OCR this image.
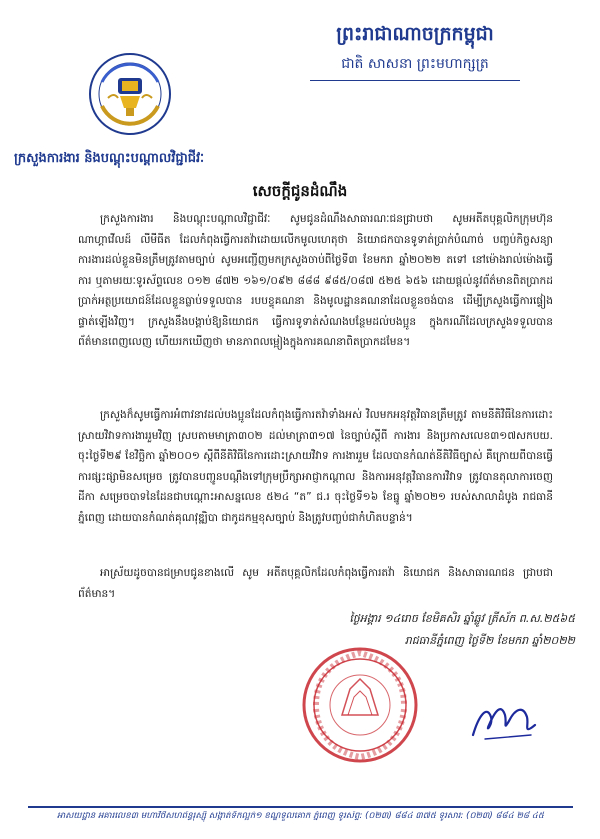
ព្រះរាជាណាចក្រកម្ពុជា
ជាតិ សាសនា ព្រះមហាក្សត្រ
ក្រសួងការងារ និងបណ្តុះបណ្តាលវិជ្ជាជីវៈ
សេចក្តីជូនដំណឹង
ក្រសួងការងារ និងបណ្តុះបណ្តាលវិជ្ជាជីវៈ សូមជូនដំណឹងសាធារណៈជនជ្រាបថា សូមអតីតបុគ្គលិកក្រុមហ៊ុន ណាហ្គាវើលដ៍ លីមីធីត ដែលកំពុងធ្វើការតវ៉ាដោយលើកមូលហេតុថា និយោជកបានទូទាត់ប្រាក់បំណាច់ បញ្ចប់កិច្ចសន្យាការងារដល់ខ្លួនមិនត្រឹមត្រូវតាមច្បាប់ សូមអញ្ជើញមកក្រសួងចាប់ពីថ្ងៃទី៣ ខែមករា ឆ្នាំ២០២២ តទៅ នៅម៉ោងរាល់ម៉ោងធ្វើការ ឬតាមរយៈទូរស័ព្ទលេខ ០១២ ៨៧២ ១៦១/០៩២ ៨៨៨ ៩៨៥/០៨៧ ៥២៥ ៦៥៦ ដោយផ្តល់នូវព័ត៌មានពិតប្រាកដ ប្រាក់អត្ថប្រយោជន៍ដែលខ្លួនធ្លាប់ទទួលបាន របបខ្ទុគណនា និងមូលដ្ឋានគណនាដែលខ្លួនចង់បាន ដើម្បីក្រសួងធ្វើការផ្ទៀងផ្ទាត់ឡើងវិញ។ ក្រសួងនឹងបង្គាប់ឱ្យនិយោជក ធ្វើការទូទាត់សំណងបន្ថែមដល់បងប្អូន ក្នុងករណីដែលក្រសួងទទួលបានព័ត៌មានពេញលេញ ហើយរកឃើញថា មានភាពលម្អៀងក្នុងការគណនាពិតប្រាកដមែន។
ក្រសួងក៏សូមធ្វើការអំពាវនាវដល់បងប្អូនដែលកំពុងធ្វើការតវ៉ាទាំងអស់ វិលមកអនុវត្តវិធានត្រឹមត្រូវ តាមនីតិវិធីនៃការដោះស្រាយវិវាទការងាររួមវិញ ស្របតាមមាត្រា៣០២ ដល់មាត្រា៣១៧ នៃច្បាប់ស្តីពី ការងារ និងប្រកាសលេខ៣១៧សកបយ. ចុះថ្ងៃទី២៩ ខែវិច្ឆិកា ឆ្នាំ២០០១ ស្តីពីនីតិវិធីនៃការដោះស្រាយវិវាទ ការងាររួម ដែលបានកំណត់នីតិវិធីច្បាស់ គឺក្រោយពីបានធ្វើការផ្សះផ្សាមិនសម្រេច ត្រូវបានបញ្ជូនបណ្តឹងទៅក្រុមប្រឹក្សាអាជ្ញាកណ្តាល និងការអនុវត្តវិធានការវិវាទ ត្រូវបានតុលាការចេញដីកា សម្រេចបាទនៃដែនជាបណ្តោះអាសន្នលេខ ៥២៤ “ត” ជ.រ ចុះថ្ងៃទី១៦ ខែធ្នូ ឆ្នាំ២០២១ របស់សាលាដំបូង រាជធានីភ្នំពេញ ដោយបានកំណត់គុណវុឌ្ឍិបា ជាកូដកម្មខុសច្បាប់ និងត្រូវបញ្ចប់ជាកំហិតបន្ទាន់។
អាស្រ័យដូចបានជម្រាបជូនខាងលើ សូម អតីតបុគ្គលិកដែលកំពុងធ្វើការតវ៉ា និយោជក និងសាធារណជន ជ្រាបជាព័ត៌មាន។
ថ្ងៃអង្គារ ១៤រោច ខែមិគសិរ ឆ្នាំឆ្លូវ ត្រីស័ក ព.ស.២៥៦៥
រាជធានីភ្នំពេញ ថ្ងៃទី២ ខែមករា ឆ្នាំ២០២២
អាសយដ្ឋាន អគារលេខ៣ មហាវិថីសហព័ន្ធរុស្ស៊ី សង្កាត់ទឹកល្អក់១ ខណ្ឌទួលគោក ភ្នំពេញ ទូរស័ព្ទ: (០២៣) ៨៨៤ ៣៧៥ ទូរសារ: (០២៣) ៨៨៤ ២៨ ៤៥
